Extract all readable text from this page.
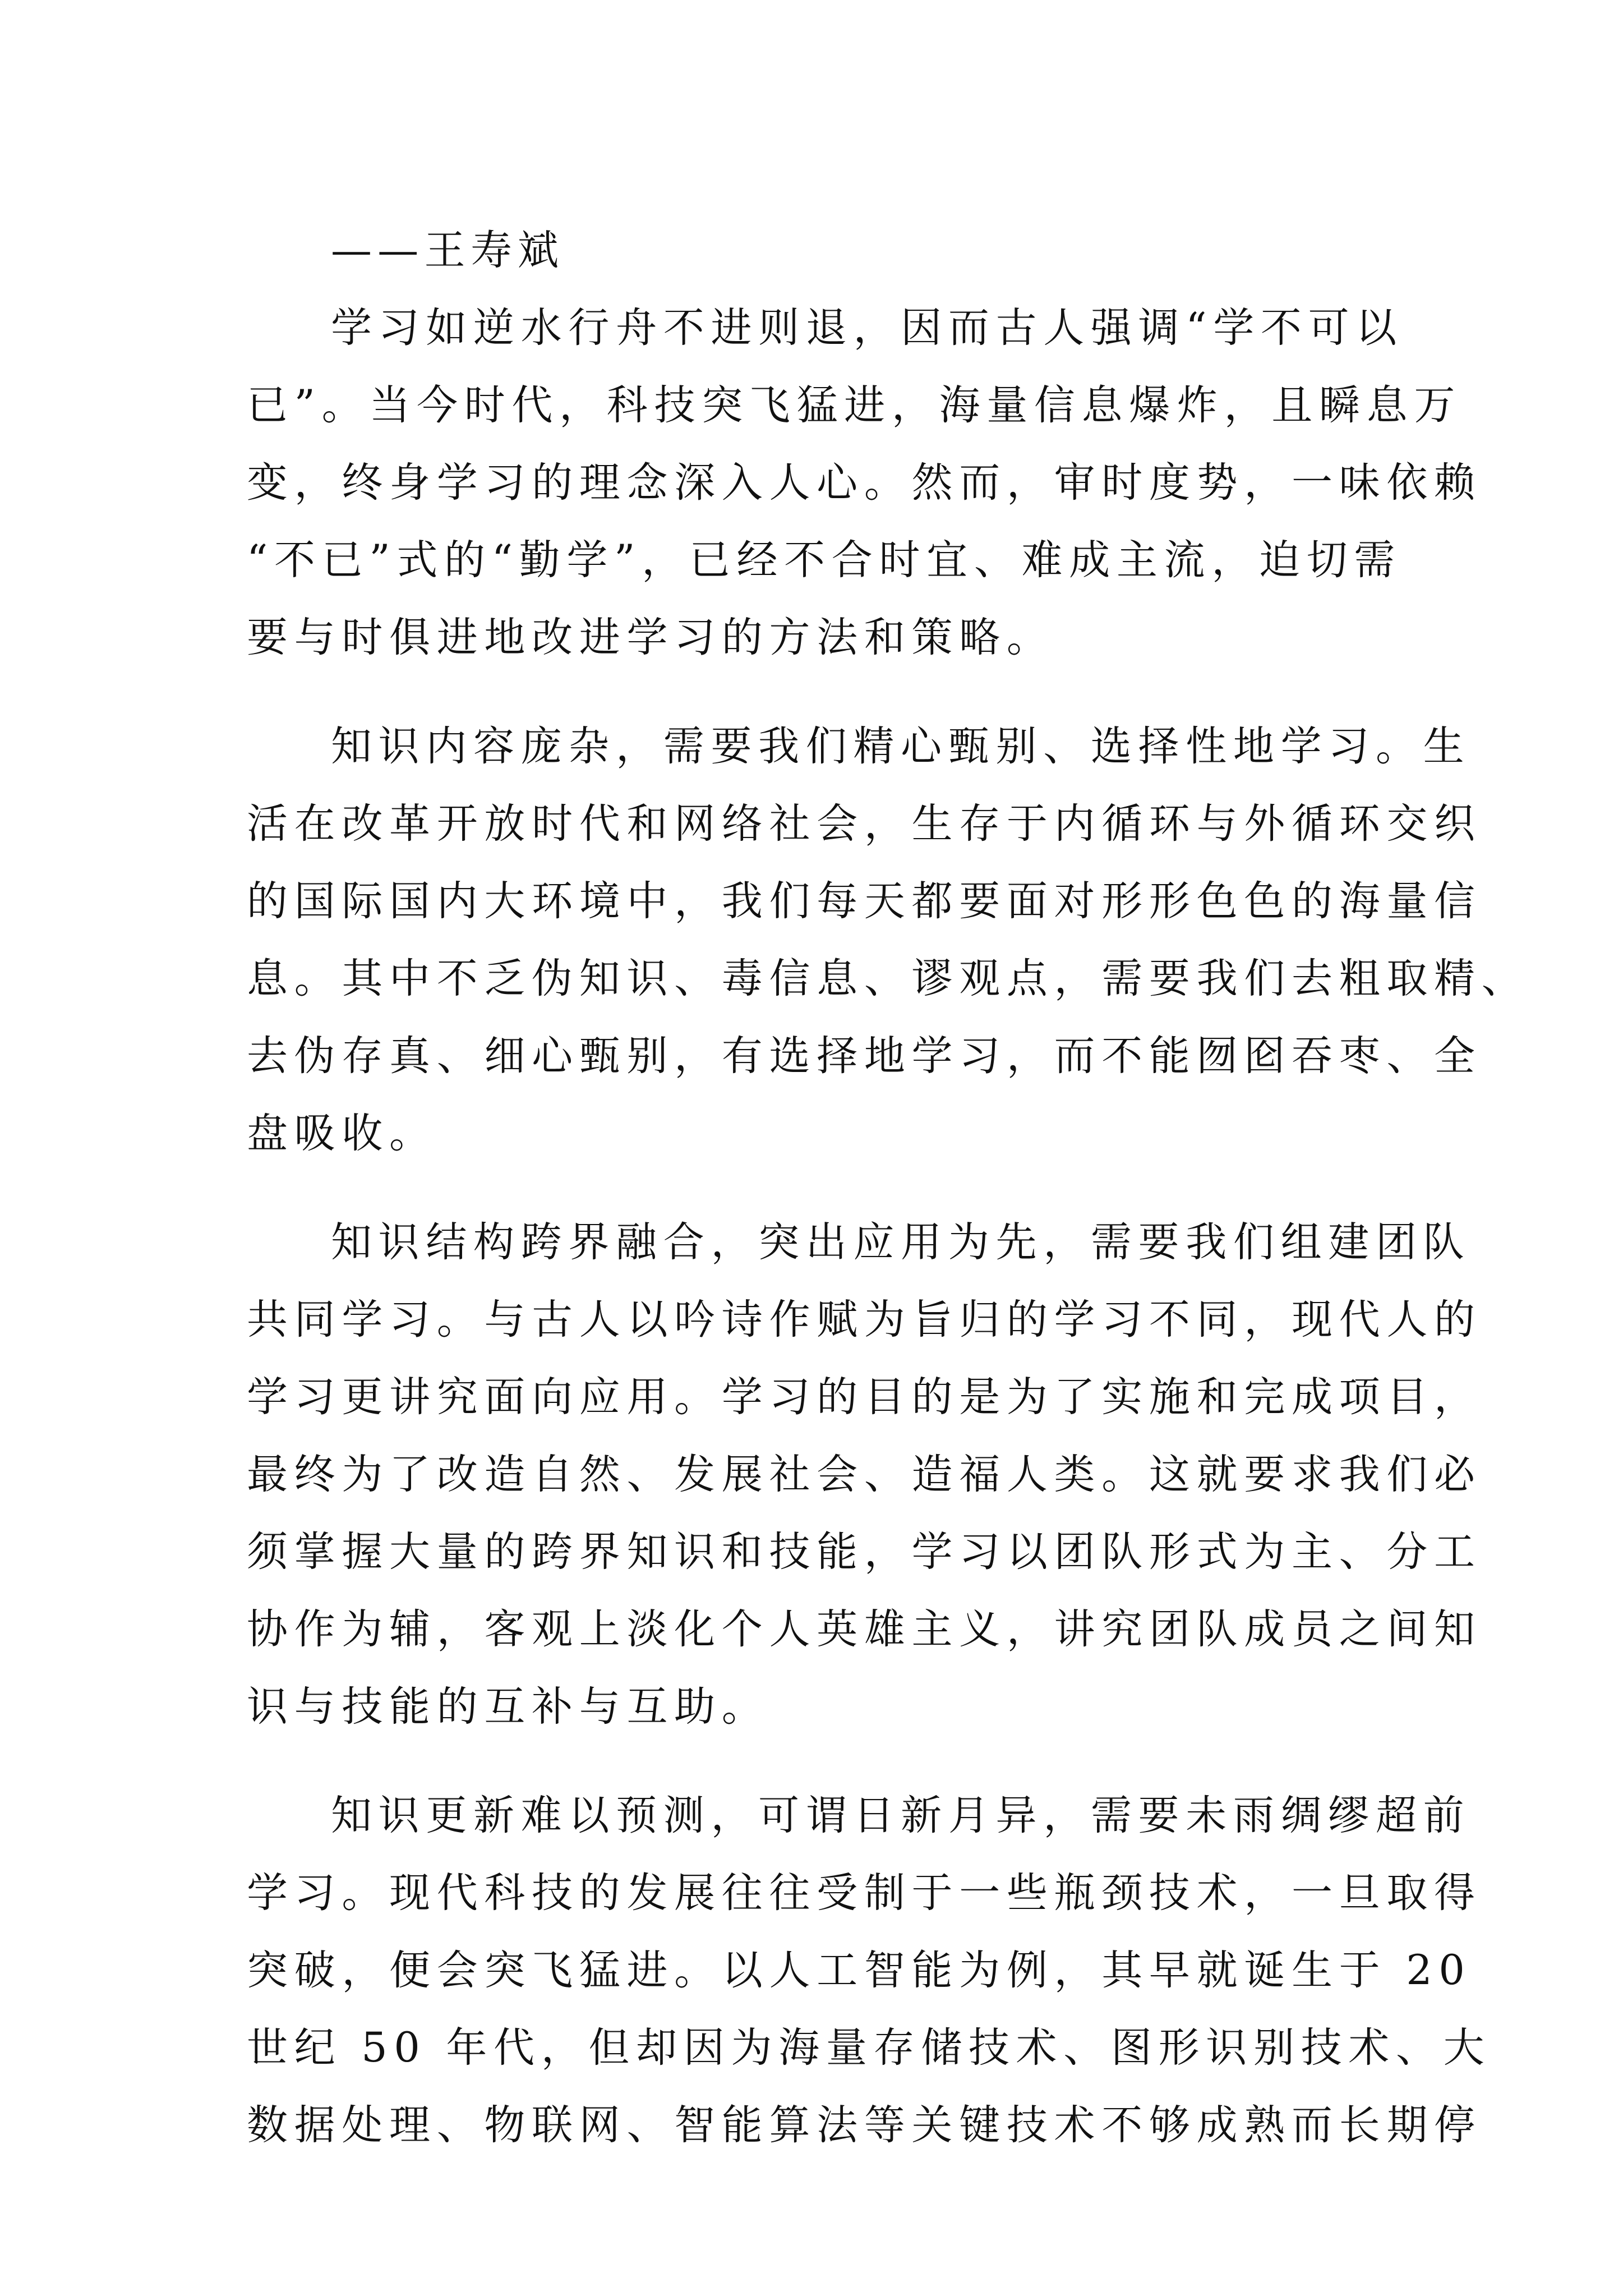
——王寿斌
学习如逆水行舟不进则退，因而古人强调“学不可以
已”。当今时代，科技突飞猛进，海量信息爆炸，且瞬息万
变，终身学习的理念深入人心。然而，审时度势，一味依赖
“不已”式的“勤学”，已经不合时宜、难成主流，迫切需
要与时俱进地改进学习的方法和策略。
知识内容庞杂，需要我们精心甄别、选择性地学习。生
活在改革开放时代和网络社会，生存于内循环与外循环交织
的国际国内大环境中，我们每天都要面对形形色色的海量信
息。其中不乏伪知识、毒信息、谬观点，需要我们去粗取精、
去伪存真、细心甄别，有选择地学习，而不能囫囵吞枣、全
盘吸收。
知识结构跨界融合，突出应用为先，需要我们组建团队
共同学习。与古人以吟诗作赋为旨归的学习不同，现代人的
学习更讲究面向应用。学习的目的是为了实施和完成项目，
最终为了改造自然、发展社会、造福人类。这就要求我们必
须掌握大量的跨界知识和技能，学习以团队形式为主、分工
协作为辅，客观上淡化个人英雄主义，讲究团队成员之间知
识与技能的互补与互助。
知识更新难以预测，可谓日新月异，需要未雨绸缪超前
学习。现代科技的发展往往受制于一些瓶颈技术，一旦取得
突破，便会突飞猛进。以人工智能为例，其早就诞生于 20
世纪 50 年代，但却因为海量存储技术、图形识别技术、大
数据处理、物联网、智能算法等关键技术不够成熟而长期停
